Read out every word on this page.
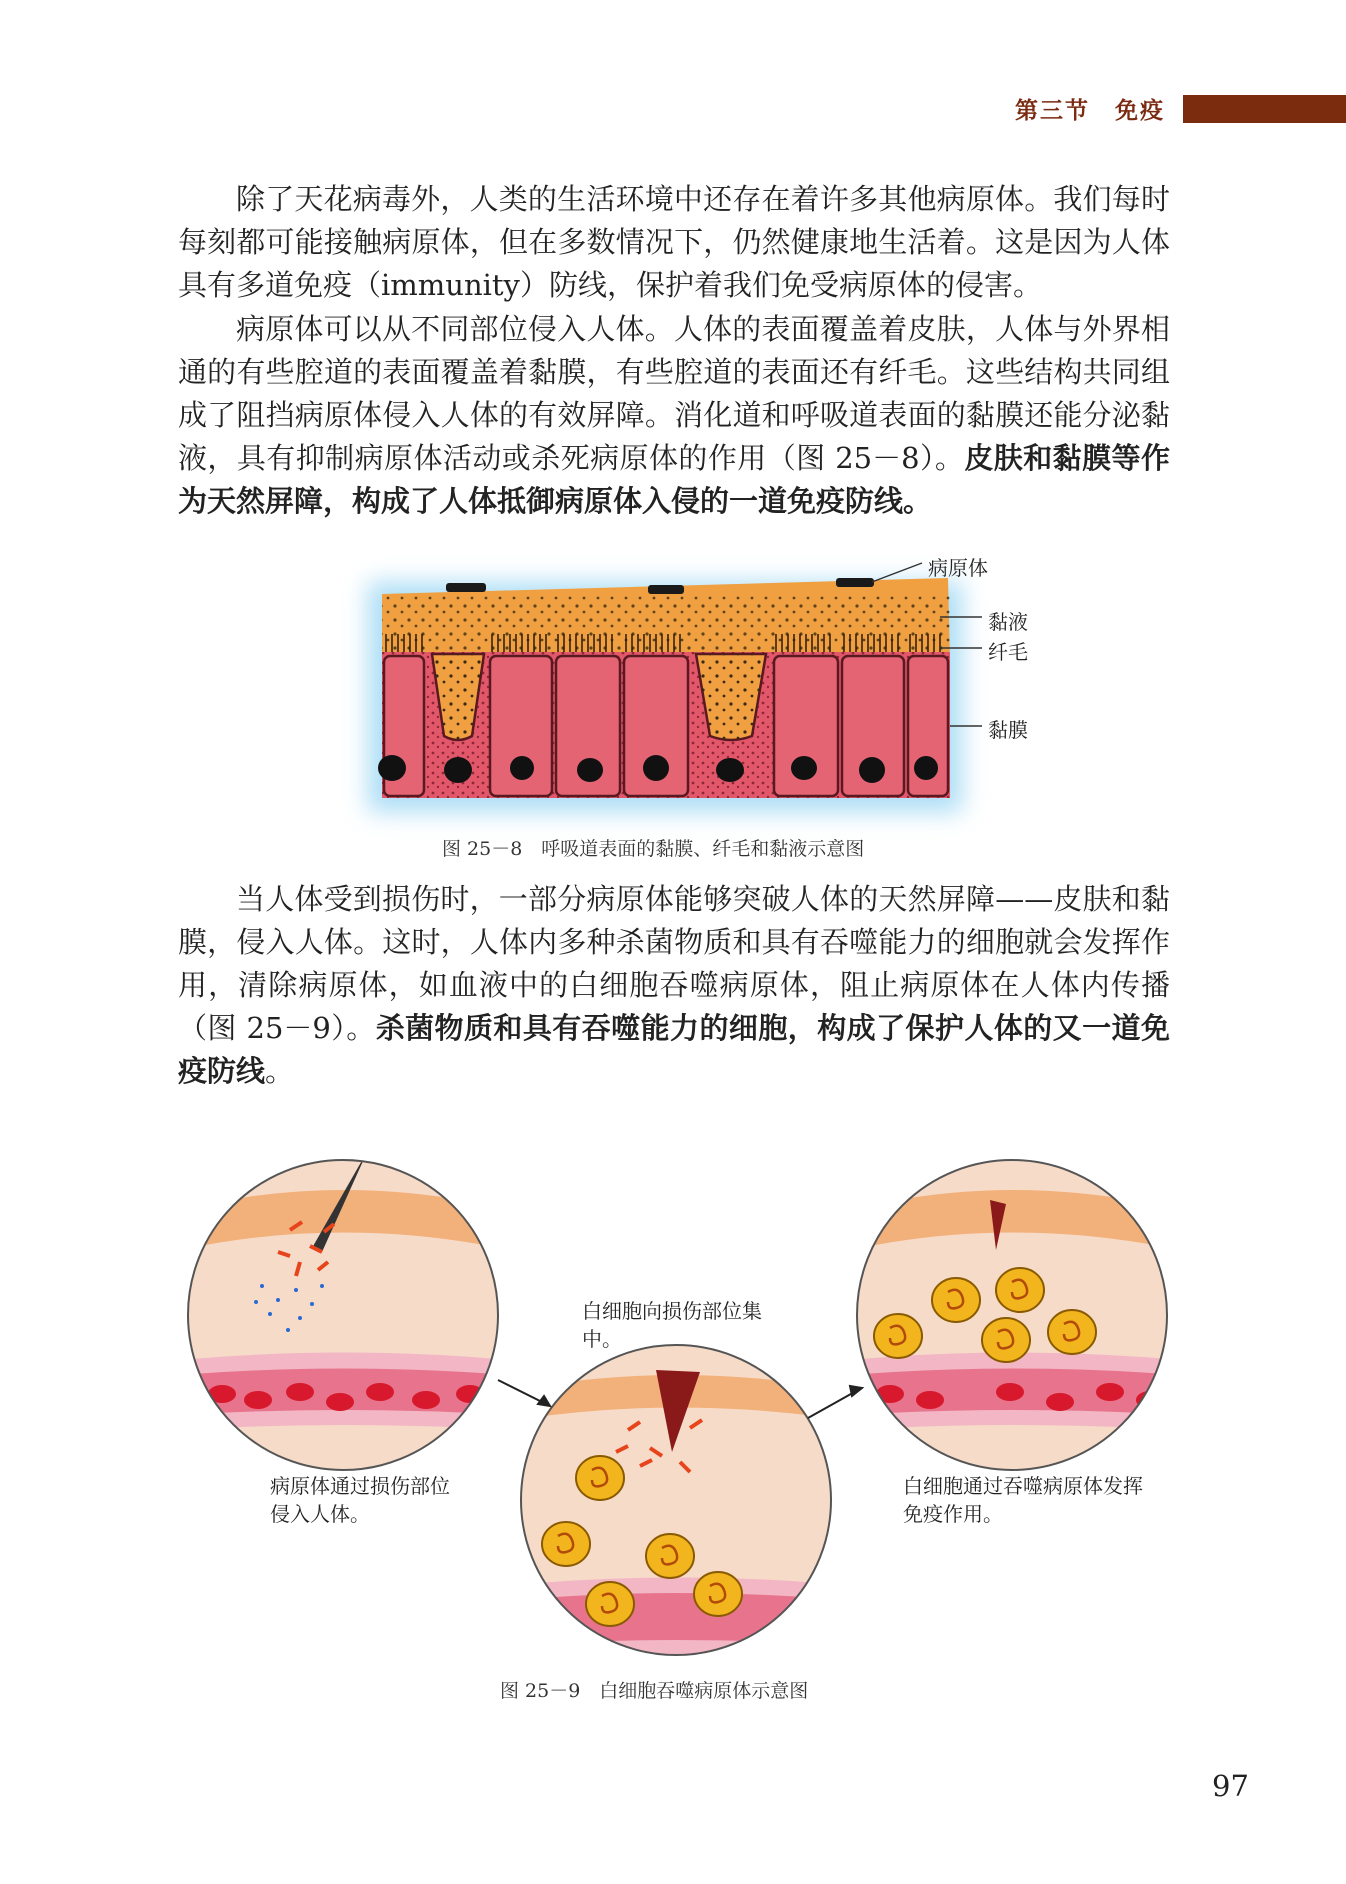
第三节　免疫

除了天花病毒外，人类的生活环境中还存在着许多其他病原体。我们每时每刻都可能接触病原体，但在多数情况下，仍然健康地生活着。这是因为人体具有多道免疫（immunity）防线，保护着我们免受病原体的侵害。

病原体可以从不同部位侵入人体。人体的表面覆盖着皮肤，人体与外界相通的有些腔道的表面覆盖着黏膜，有些腔道的表面还有纤毛。这些结构共同组成了阻挡病原体侵入人体的有效屏障。消化道和呼吸道表面的黏膜还能分泌黏液，具有抑制病原体活动或杀死病原体的作用（图 25－8）。皮肤和黏膜等作为天然屏障，构成了人体抵御病原体入侵的一道免疫防线。

病原体
黏液
纤毛
黏膜
图 25－8　呼吸道表面的黏膜、纤毛和黏液示意图

当人体受到损伤时，一部分病原体能够突破人体的天然屏障——皮肤和黏膜，侵入人体。这时，人体内多种杀菌物质和具有吞噬能力的细胞就会发挥作用，清除病原体，如血液中的白细胞吞噬病原体，阻止病原体在人体内传播（图 25－9）。杀菌物质和具有吞噬能力的细胞，构成了保护人体的又一道免疫防线。

病原体通过损伤部位侵入人体。
白细胞向损伤部位集中。
白细胞通过吞噬病原体发挥免疫作用。
图 25－9　白细胞吞噬病原体示意图
97
